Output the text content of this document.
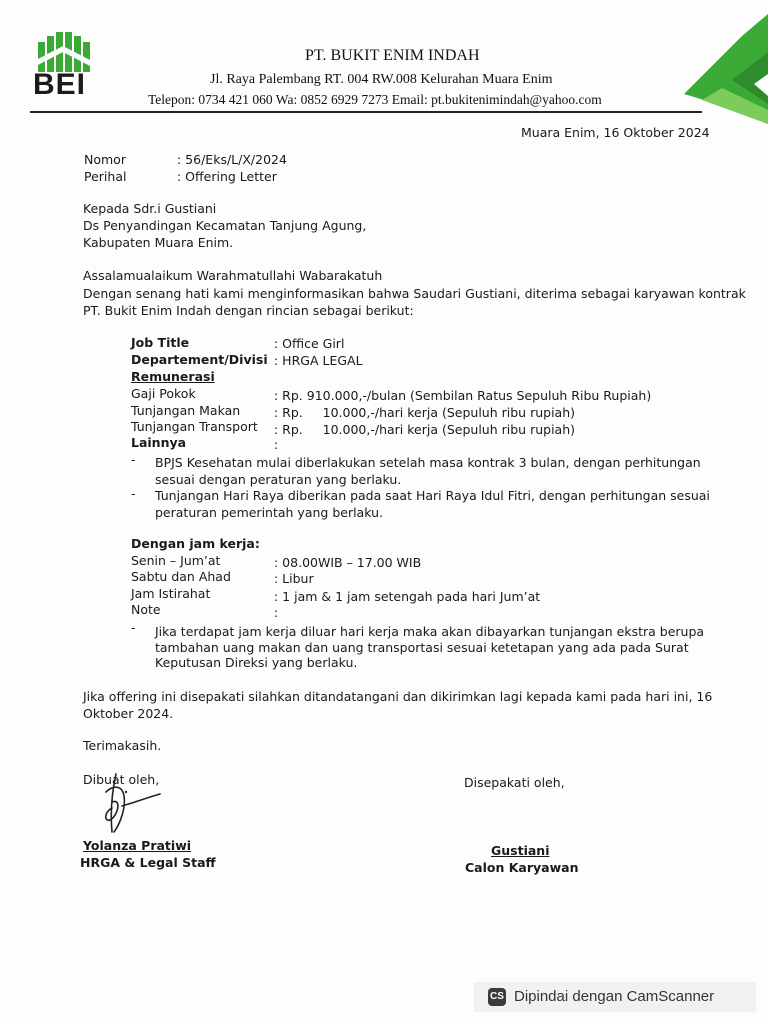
BEI
PT. BUKIT ENIM INDAH
Jl. Raya Palembang RT. 004 RW.008 Kelurahan Muara Enim
Telepon: 0734 421 060 Wa: 0852 6929 7273 Email: pt.bukitenimindah@yahoo.com
Muara Enim, 16 Oktober 2024
Nomor	: 56/Eks/L/X/2024
Perihal	: Offering Letter
Kepada Sdr.i Gustiani
Ds Penyandingan Kecamatan Tanjung Agung,
Kabupaten Muara Enim.
Assalamualaikum Warahmatullahi Wabarakatuh
Dengan senang hati kami menginformasikan bahwa Saudari Gustiani, diterima sebagai karyawan kontrak
PT. Bukit Enim Indah dengan rincian sebagai berikut:
Job Title	: Office Girl
Departement/Divisi : HRGA LEGAL
Remunerasi
Gaji Pokok	: Rp. 910.000,-/bulan (Sembilan Ratus Sepuluh Ribu Rupiah)
Tunjangan Makan	: Rp.     10.000,-/hari kerja (Sepuluh ribu rupiah)
Tunjangan Transport : Rp.     10.000,-/hari kerja (Sepuluh ribu rupiah)
Lainnya	:
- BPJS Kesehatan mulai diberlakukan setelah masa kontrak 3 bulan, dengan perhitungan
sesuai dengan peraturan yang berlaku.
- Tunjangan Hari Raya diberikan pada saat Hari Raya Idul Fitri, dengan perhitungan sesuai
peraturan pemerintah yang berlaku.
Dengan jam kerja:
Senin – Jum’at	: 08.00WIB – 17.00 WIB
Sabtu dan Ahad	: Libur
Jam Istirahat	: 1 jam & 1 jam setengah pada hari Jum’at
Note	:
- Jika terdapat jam kerja diluar hari kerja maka akan dibayarkan tunjangan ekstra berupa
tambahan uang makan dan uang transportasi sesuai ketetapan yang ada pada Surat
Keputusan Direksi yang berlaku.
Jika offering ini disepakati silahkan ditandatangani dan dikirimkan lagi kepada kami pada hari ini, 16
Oktober 2024.
Terimakasih.
Dibuat oleh,
Yolanza Pratiwi
HRGA & Legal Staff
Disepakati oleh,
Gustiani
Calon Karyawan
CS Dipindai dengan CamScanner
